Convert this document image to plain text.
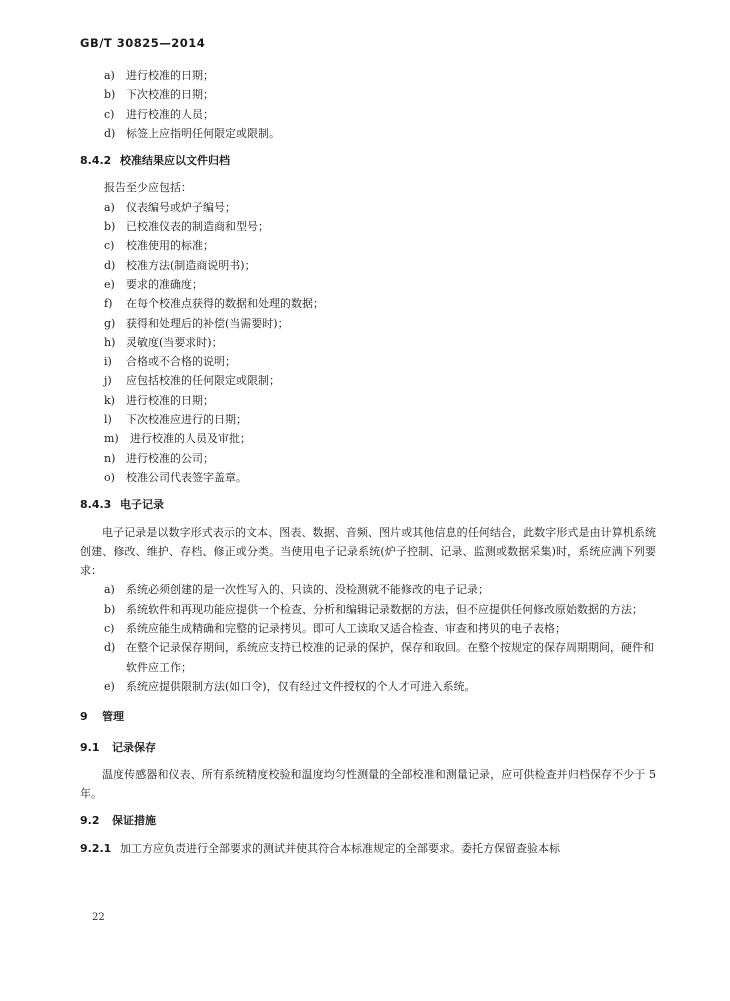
GB/T 30825—2014
a) 进行校准的日期；
b) 下次校准的日期；
c) 进行校准的人员；
d) 标签上应指明任何限定或限制。
8.4.2 校准结果应以文件归档
报告至少应包括：
a) 仪表编号或炉子编号；
b) 已校准仪表的制造商和型号；
c) 校准使用的标准；
d) 校准方法(制造商说明书)；
e) 要求的准确度；
f) 在每个校准点获得的数据和处理的数据；
g) 获得和处理后的补偿(当需要时)；
h) 灵敏度(当要求时)；
i) 合格或不合格的说明；
j) 应包括校准的任何限定或限制；
k) 进行校准的日期；
l) 下次校准应进行的日期；
m) 进行校准的人员及审批；
n) 进行校准的公司；
o) 校准公司代表签字盖章。
8.4.3 电子记录
电子记录是以数字形式表示的文本、图表、数据、音频、图片或其他信息的任何结合，此数字形式是由计算机系统创建、修改、维护、存档、修正或分类。当使用电子记录系统(炉子控制、记录、监测或数据采集)时，系统应满下列要求：
a) 系统必须创建的是一次性写入的、只读的、没检测就不能修改的电子记录；
b) 系统软件和再现功能应提供一个检查、分析和编辑记录数据的方法，但不应提供任何修改原始数据的方法；
c) 系统应能生成精确和完整的记录拷贝。即可人工读取又适合检查、审查和拷贝的电子表格；
d) 在整个记录保存期间，系统应支持已校准的记录的保护，保存和取回。在整个按规定的保存周期期间，硬件和软件应工作；
e) 系统应提供限制方法(如口令)，仅有经过文件授权的个人才可进入系统。
9 管理
9.1 记录保存
温度传感器和仪表、所有系统精度校验和温度均匀性测量的全部校准和测量记录，应可供检查并归档保存不少于 5 年。
9.2 保证措施
9.2.1 加工方应负责进行全部要求的测试并使其符合本标准规定的全部要求。委托方保留查验本标
22
